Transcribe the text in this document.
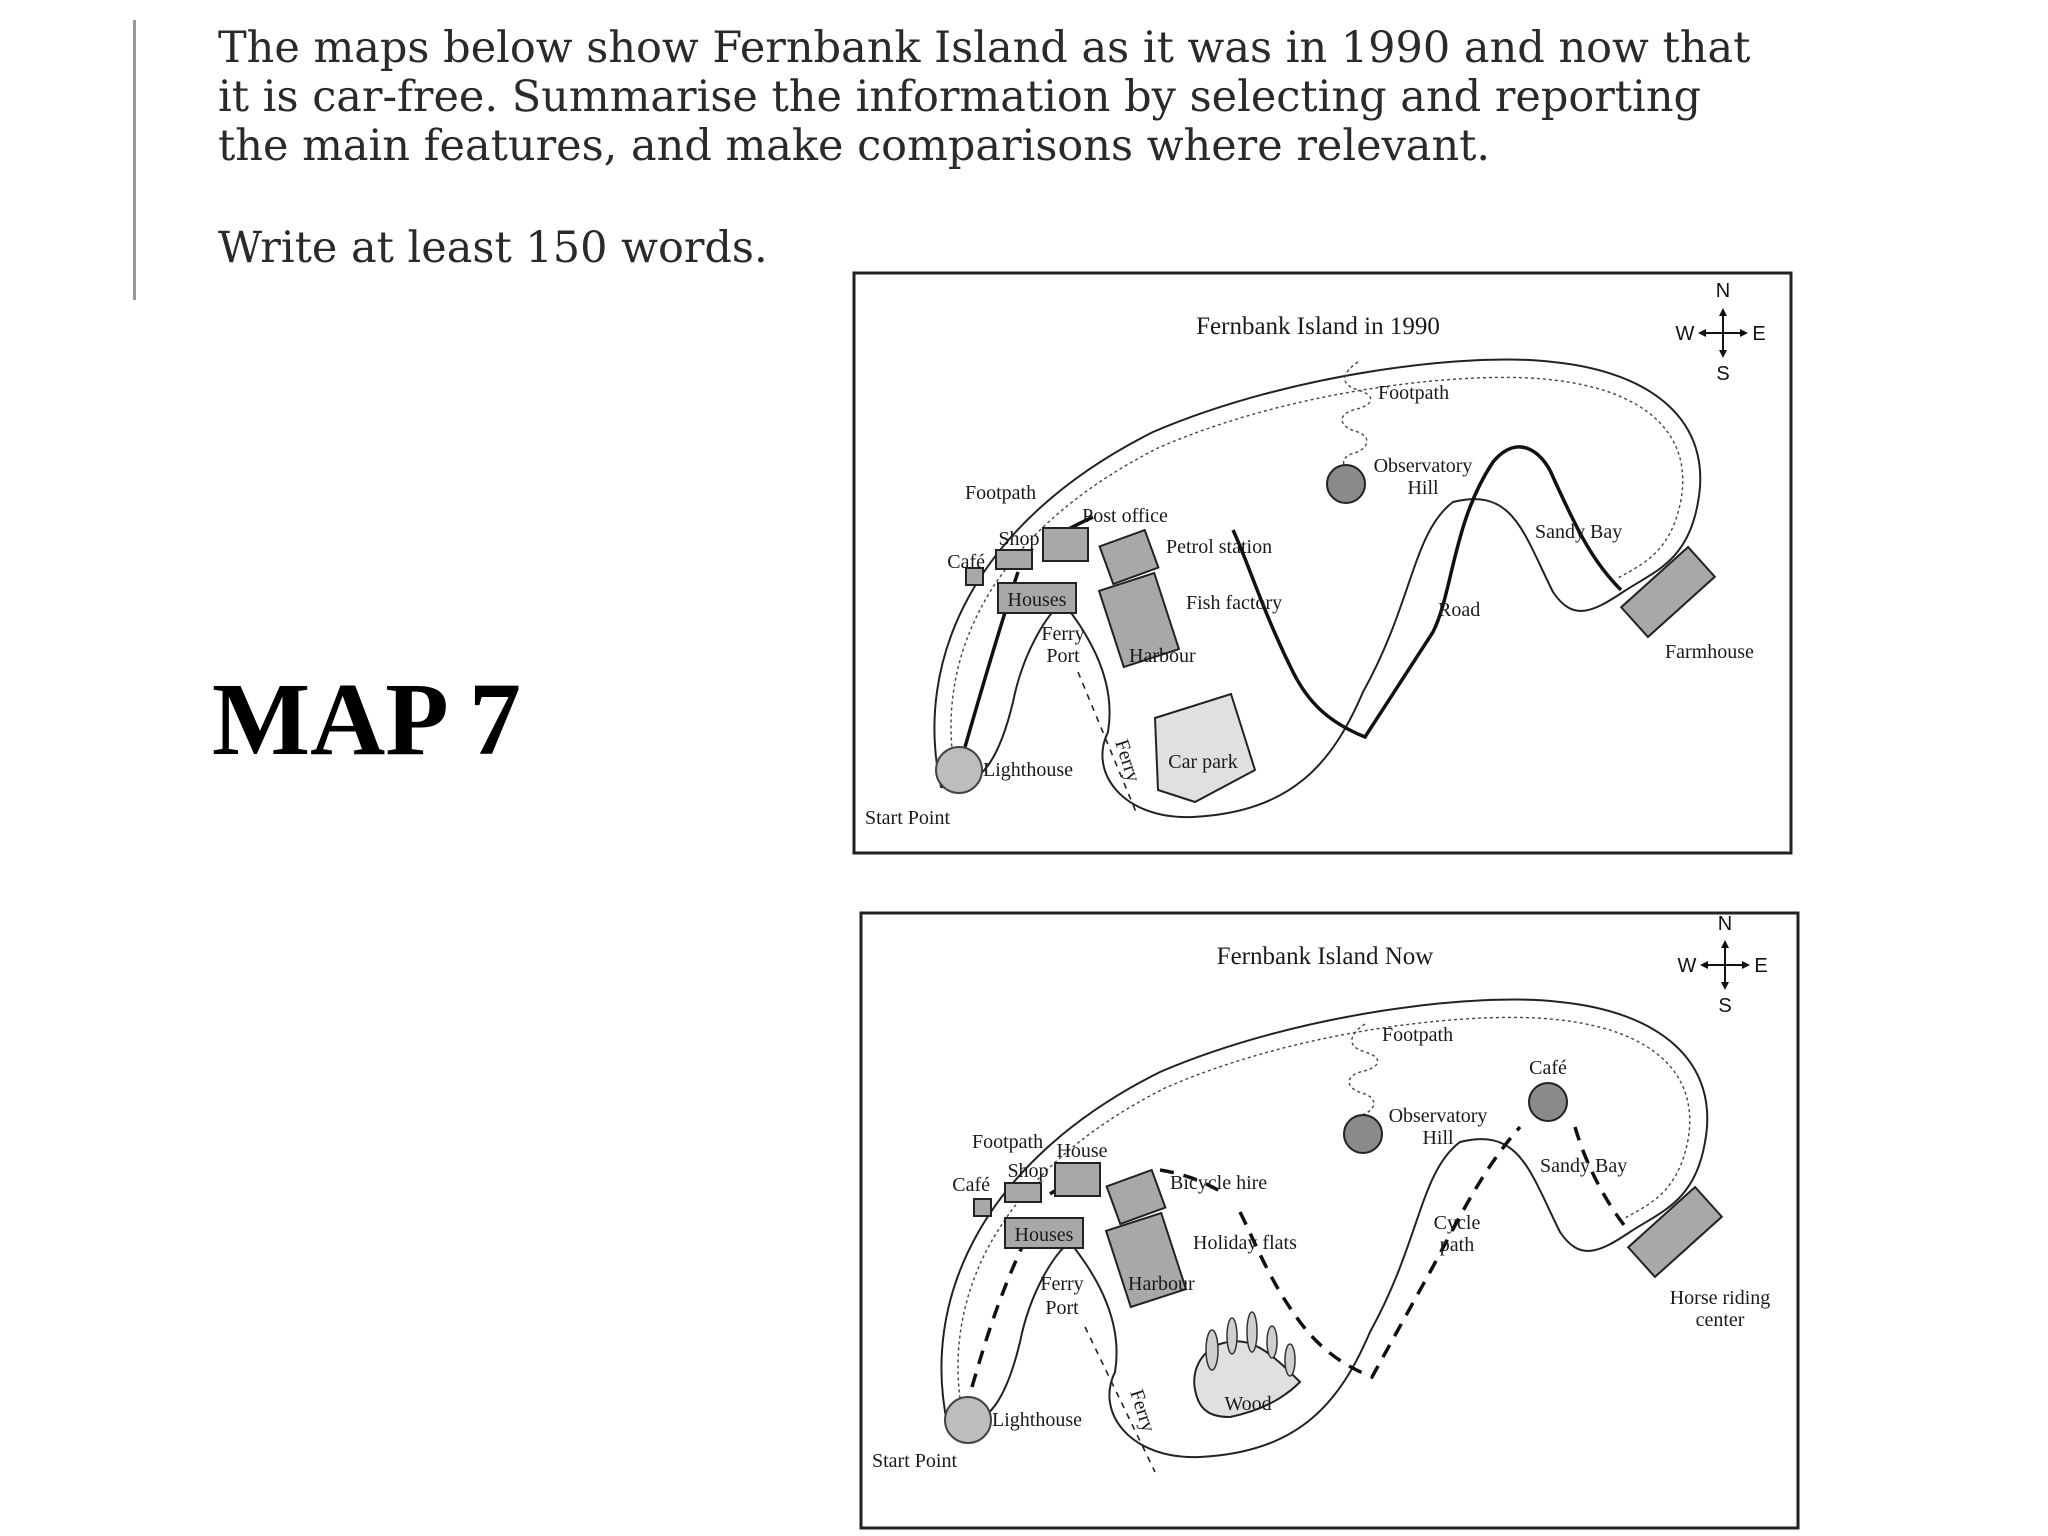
The maps below show Fernbank Island as it was in 1990 and now that it is car-free. Summarise the information by selecting and reporting the main features, and make comparisons where relevant.

Write at least 150 words.

MAP 7
Fernbank Island in 1990
N
S
W	E
Footpath
Observatory
Hill
Road
Footpath
Café
Shop
Post office
Petrol station
Fish factory
Houses
Farmhouse
Sandy Bay
Ferry
Port Harbour
Car park
Ferry
Lighthouse
Start Point
Fernbank Island Now
N
S
W	E
Footpath
Café
Observatory
Hill
Cycle
path
Footpath
Café
Shop
House
Bicycle hire
Holiday flats
Houses
Horse riding
center
Sandy Bay
Ferry
Port
Harbour
Wood
Ferry
Lighthouse
Start Point
